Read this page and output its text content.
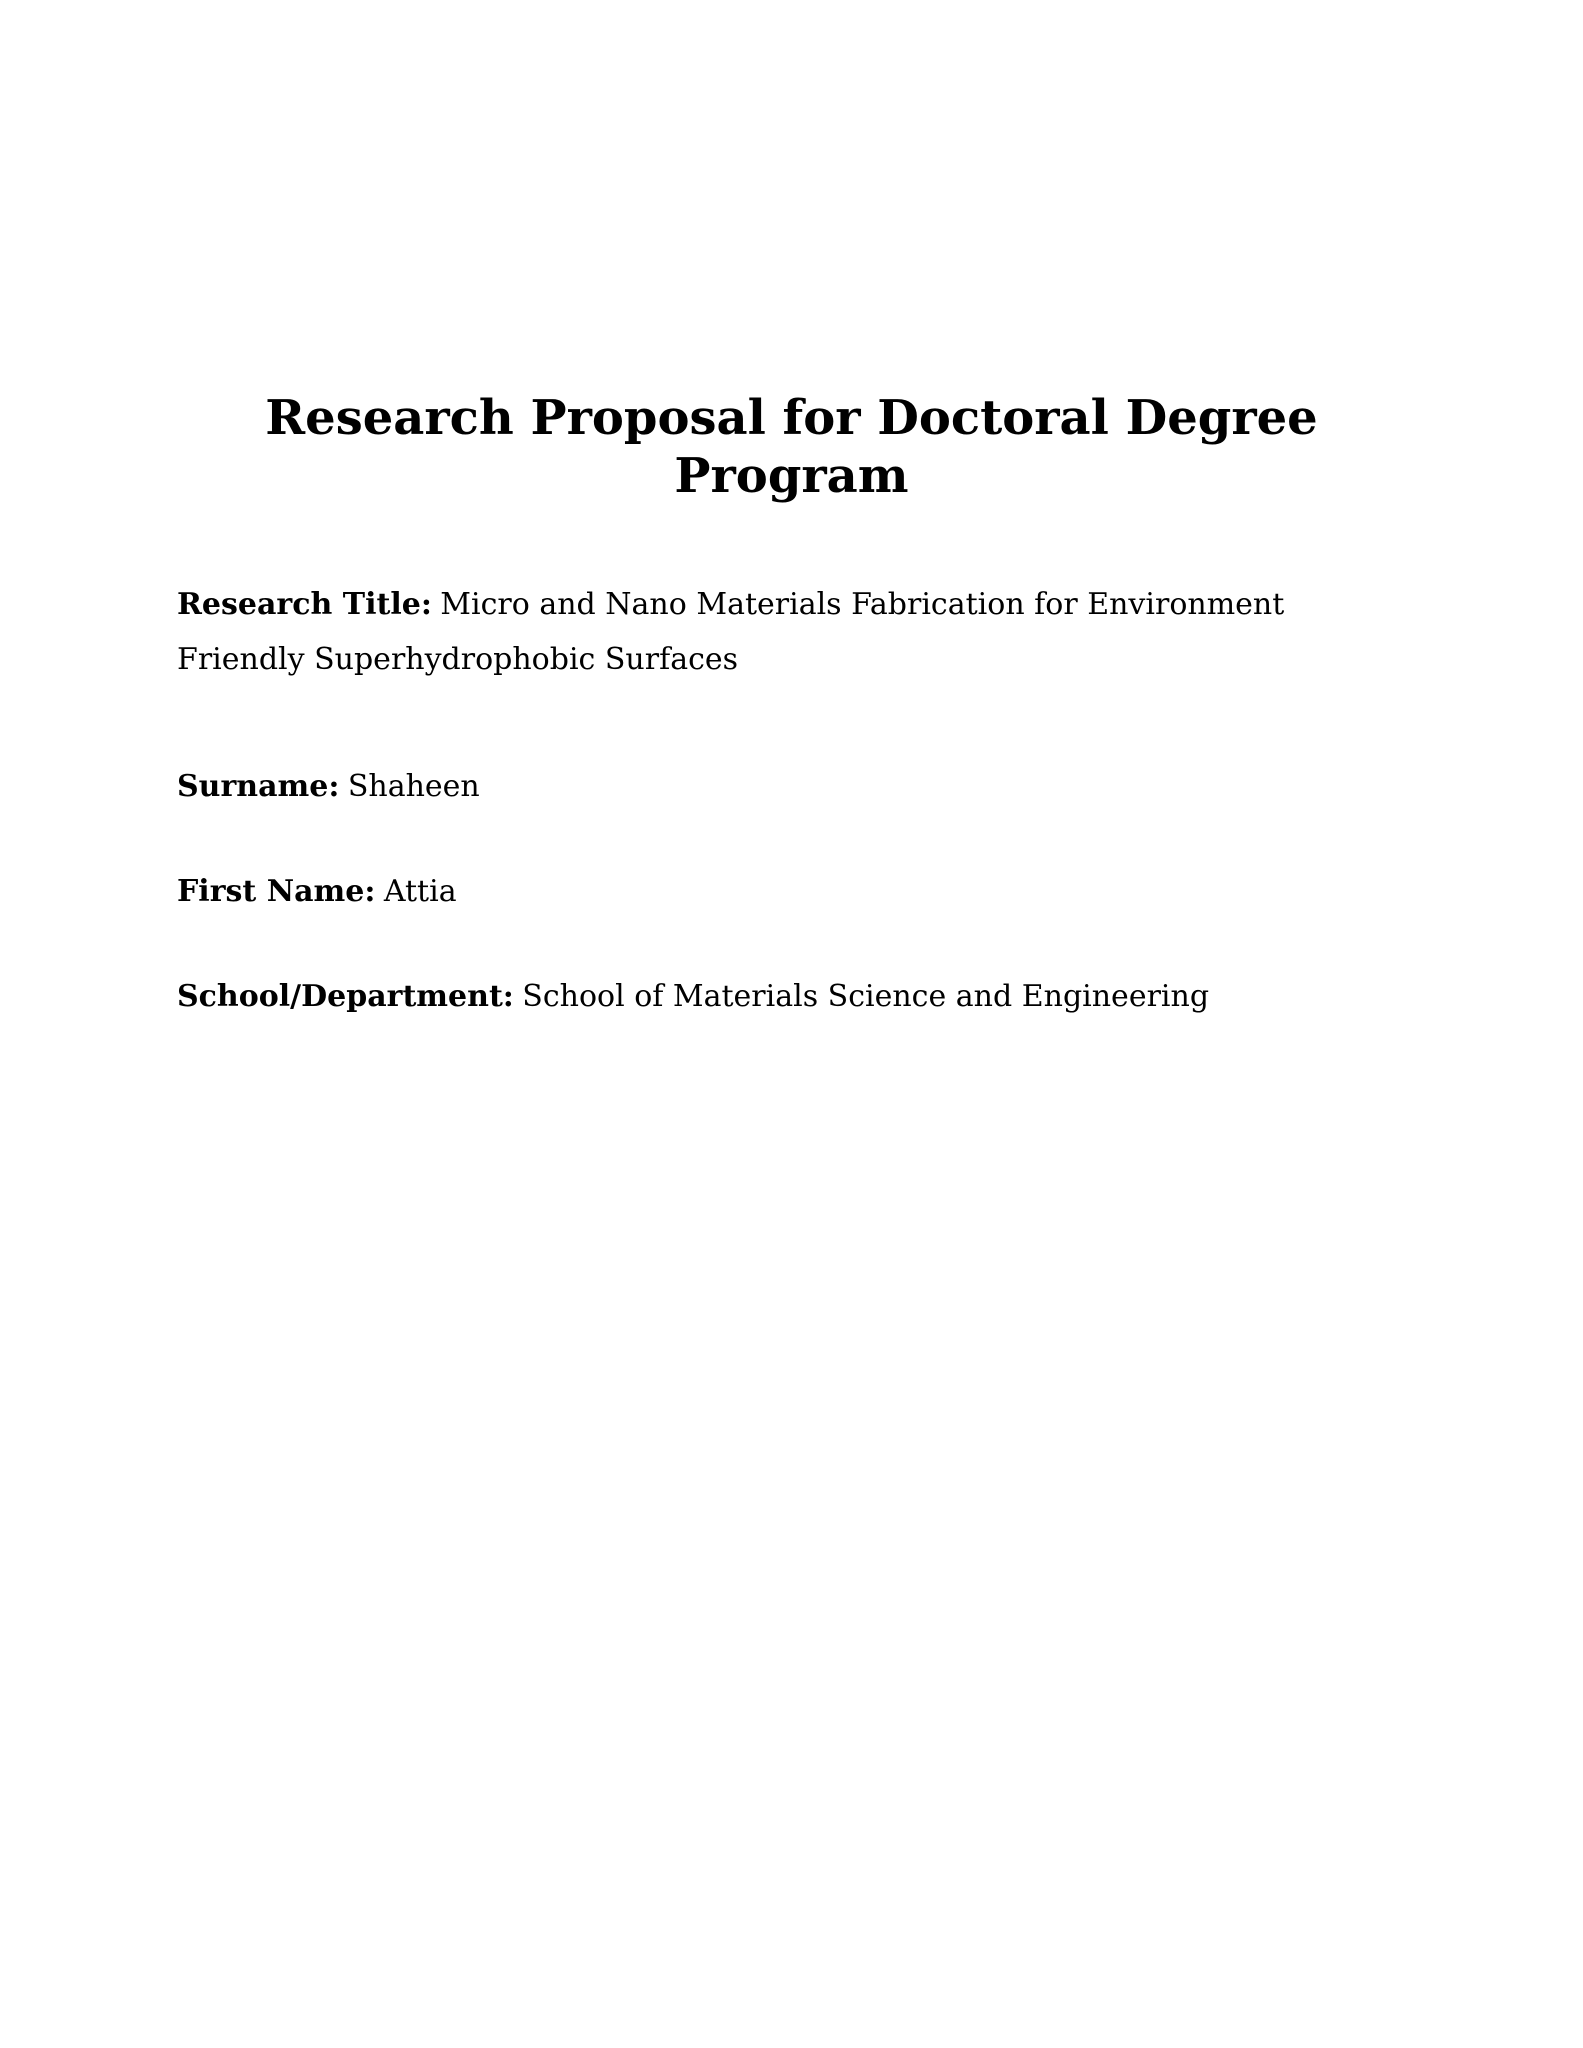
Research Proposal for Doctoral Degree Program

Research Title: Micro and Nano Materials Fabrication for Environment Friendly Superhydrophobic Surfaces

Surname: Shaheen

First Name: Attia

School/Department: School of Materials Science and Engineering
